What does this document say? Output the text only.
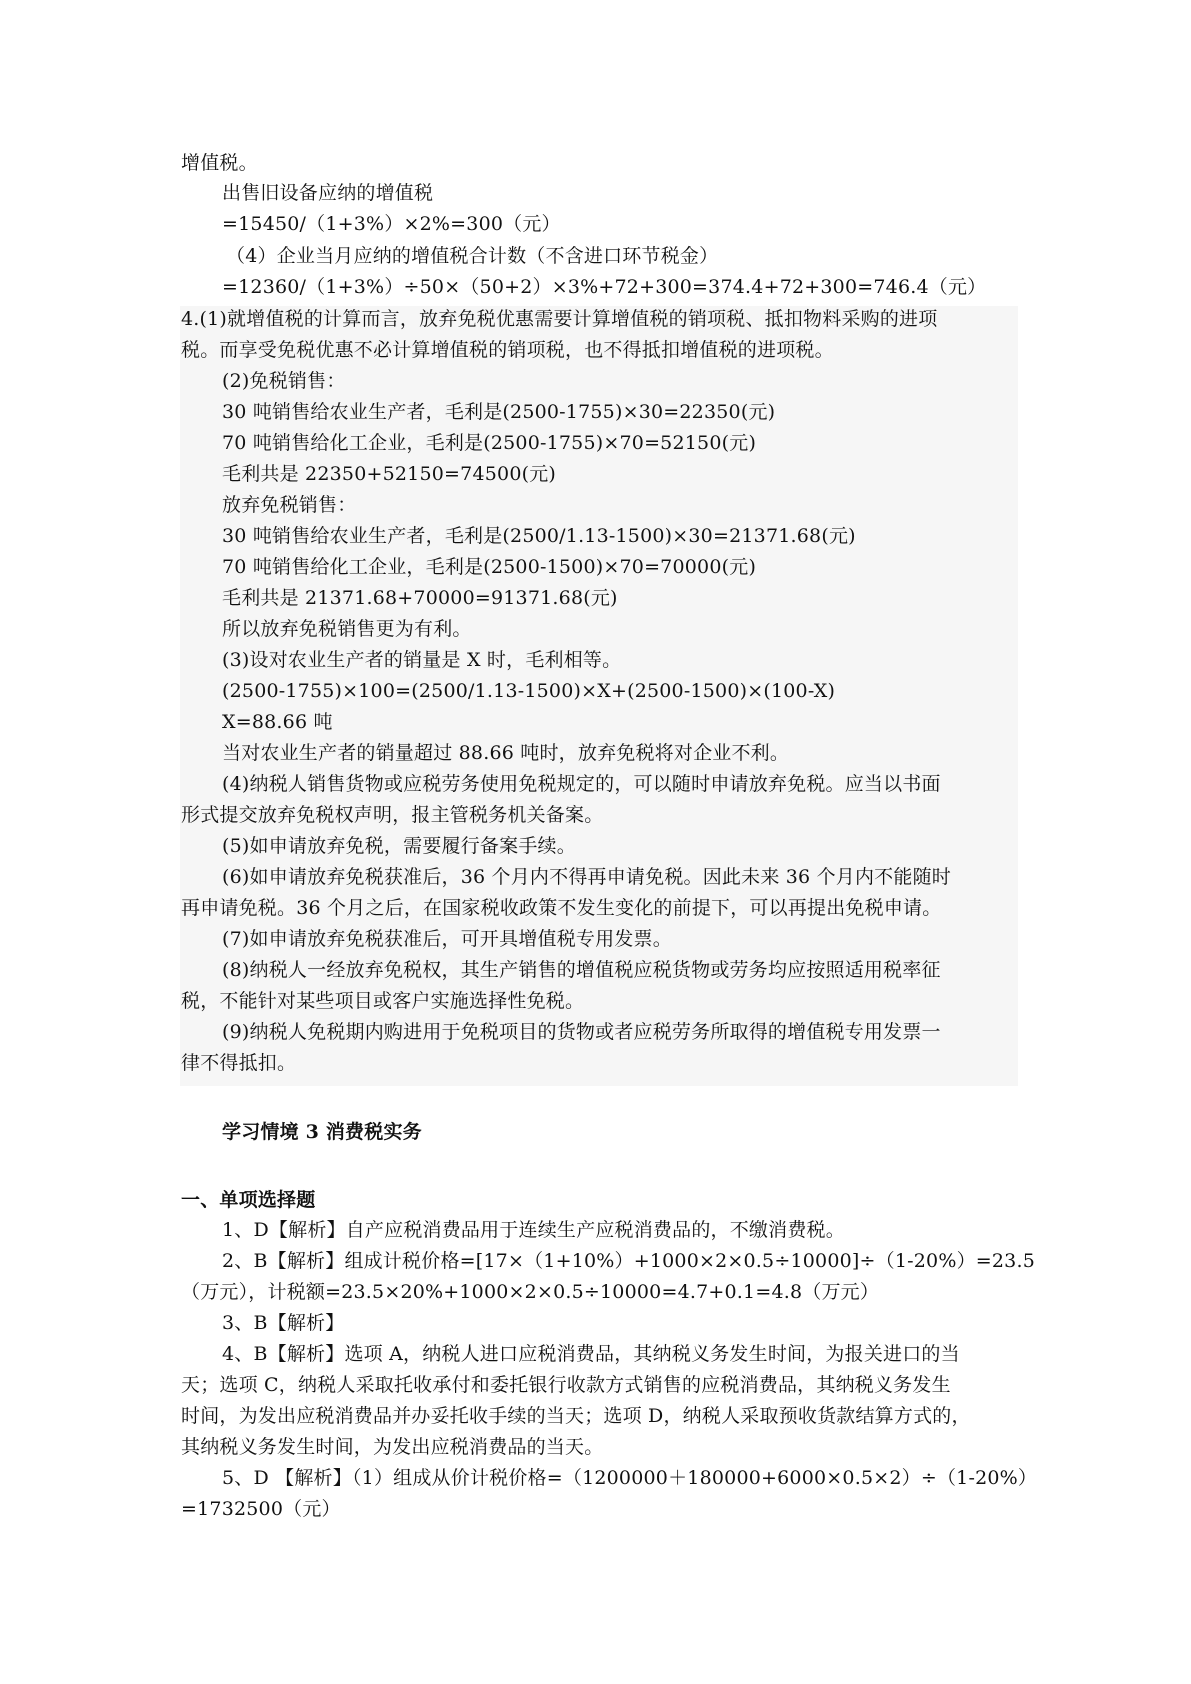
增值税。
出售旧设备应纳的增值税
=15450/（1+3%）×2%=300（元）
（4）企业当月应纳的增值税合计数（不含进口环节税金）
=12360/（1+3%）÷50×（50+2）×3%+72+300=374.4+72+300=746.4（元）
4.(1)就增值税的计算而言，放弃免税优惠需要计算增值税的销项税、抵扣物料采购的进项
税。而享受免税优惠不必计算增值税的销项税，也不得抵扣增值税的进项税。
(2)免税销售：
30 吨销售给农业生产者，毛利是(2500-1755)×30=22350(元)
70 吨销售给化工企业，毛利是(2500-1755)×70=52150(元)
毛利共是 22350+52150=74500(元)
放弃免税销售：
30 吨销售给农业生产者，毛利是(2500/1.13-1500)×30=21371.68(元)
70 吨销售给化工企业，毛利是(2500-1500)×70=70000(元)
毛利共是 21371.68+70000=91371.68(元)
所以放弃免税销售更为有利。
(3)设对农业生产者的销量是 X 时，毛利相等。
(2500-1755)×100=(2500/1.13-1500)×X+(2500-1500)×(100-X)
X=88.66 吨
当对农业生产者的销量超过 88.66 吨时，放弃免税将对企业不利。
(4)纳税人销售货物或应税劳务使用免税规定的，可以随时申请放弃免税。应当以书面
形式提交放弃免税权声明，报主管税务机关备案。
(5)如申请放弃免税，需要履行备案手续。
(6)如申请放弃免税获准后，36 个月内不得再申请免税。因此未来 36 个月内不能随时
再申请免税。36 个月之后，在国家税收政策不发生变化的前提下，可以再提出免税申请。
(7)如申请放弃免税获准后，可开具增值税专用发票。
(8)纳税人一经放弃免税权，其生产销售的增值税应税货物或劳务均应按照适用税率征
税，不能针对某些项目或客户实施选择性免税。
(9)纳税人免税期内购进用于免税项目的货物或者应税劳务所取得的增值税专用发票一
律不得抵扣。
学习情境 3 消费税实务
一、单项选择题
1、D【解析】自产应税消费品用于连续生产应税消费品的，不缴消费税。
2、B【解析】组成计税价格=[17×（1+10%）+1000×2×0.5÷10000]÷（1-20%）=23.5
（万元），计税额=23.5×20%+1000×2×0.5÷10000=4.7+0.1=4.8（万元）
3、B【解析】
4、B【解析】选项 A，纳税人进口应税消费品，其纳税义务发生时间，为报关进口的当
天；选项 C，纳税人采取托收承付和委托银行收款方式销售的应税消费品，其纳税义务发生
时间，为发出应税消费品并办妥托收手续的当天；选项 D，纳税人采取预收货款结算方式的，
其纳税义务发生时间，为发出应税消费品的当天。
5、D 【解析】（1）组成从价计税价格=（1200000＋180000+6000×0.5×2）÷（1-20%）
=1732500（元）
